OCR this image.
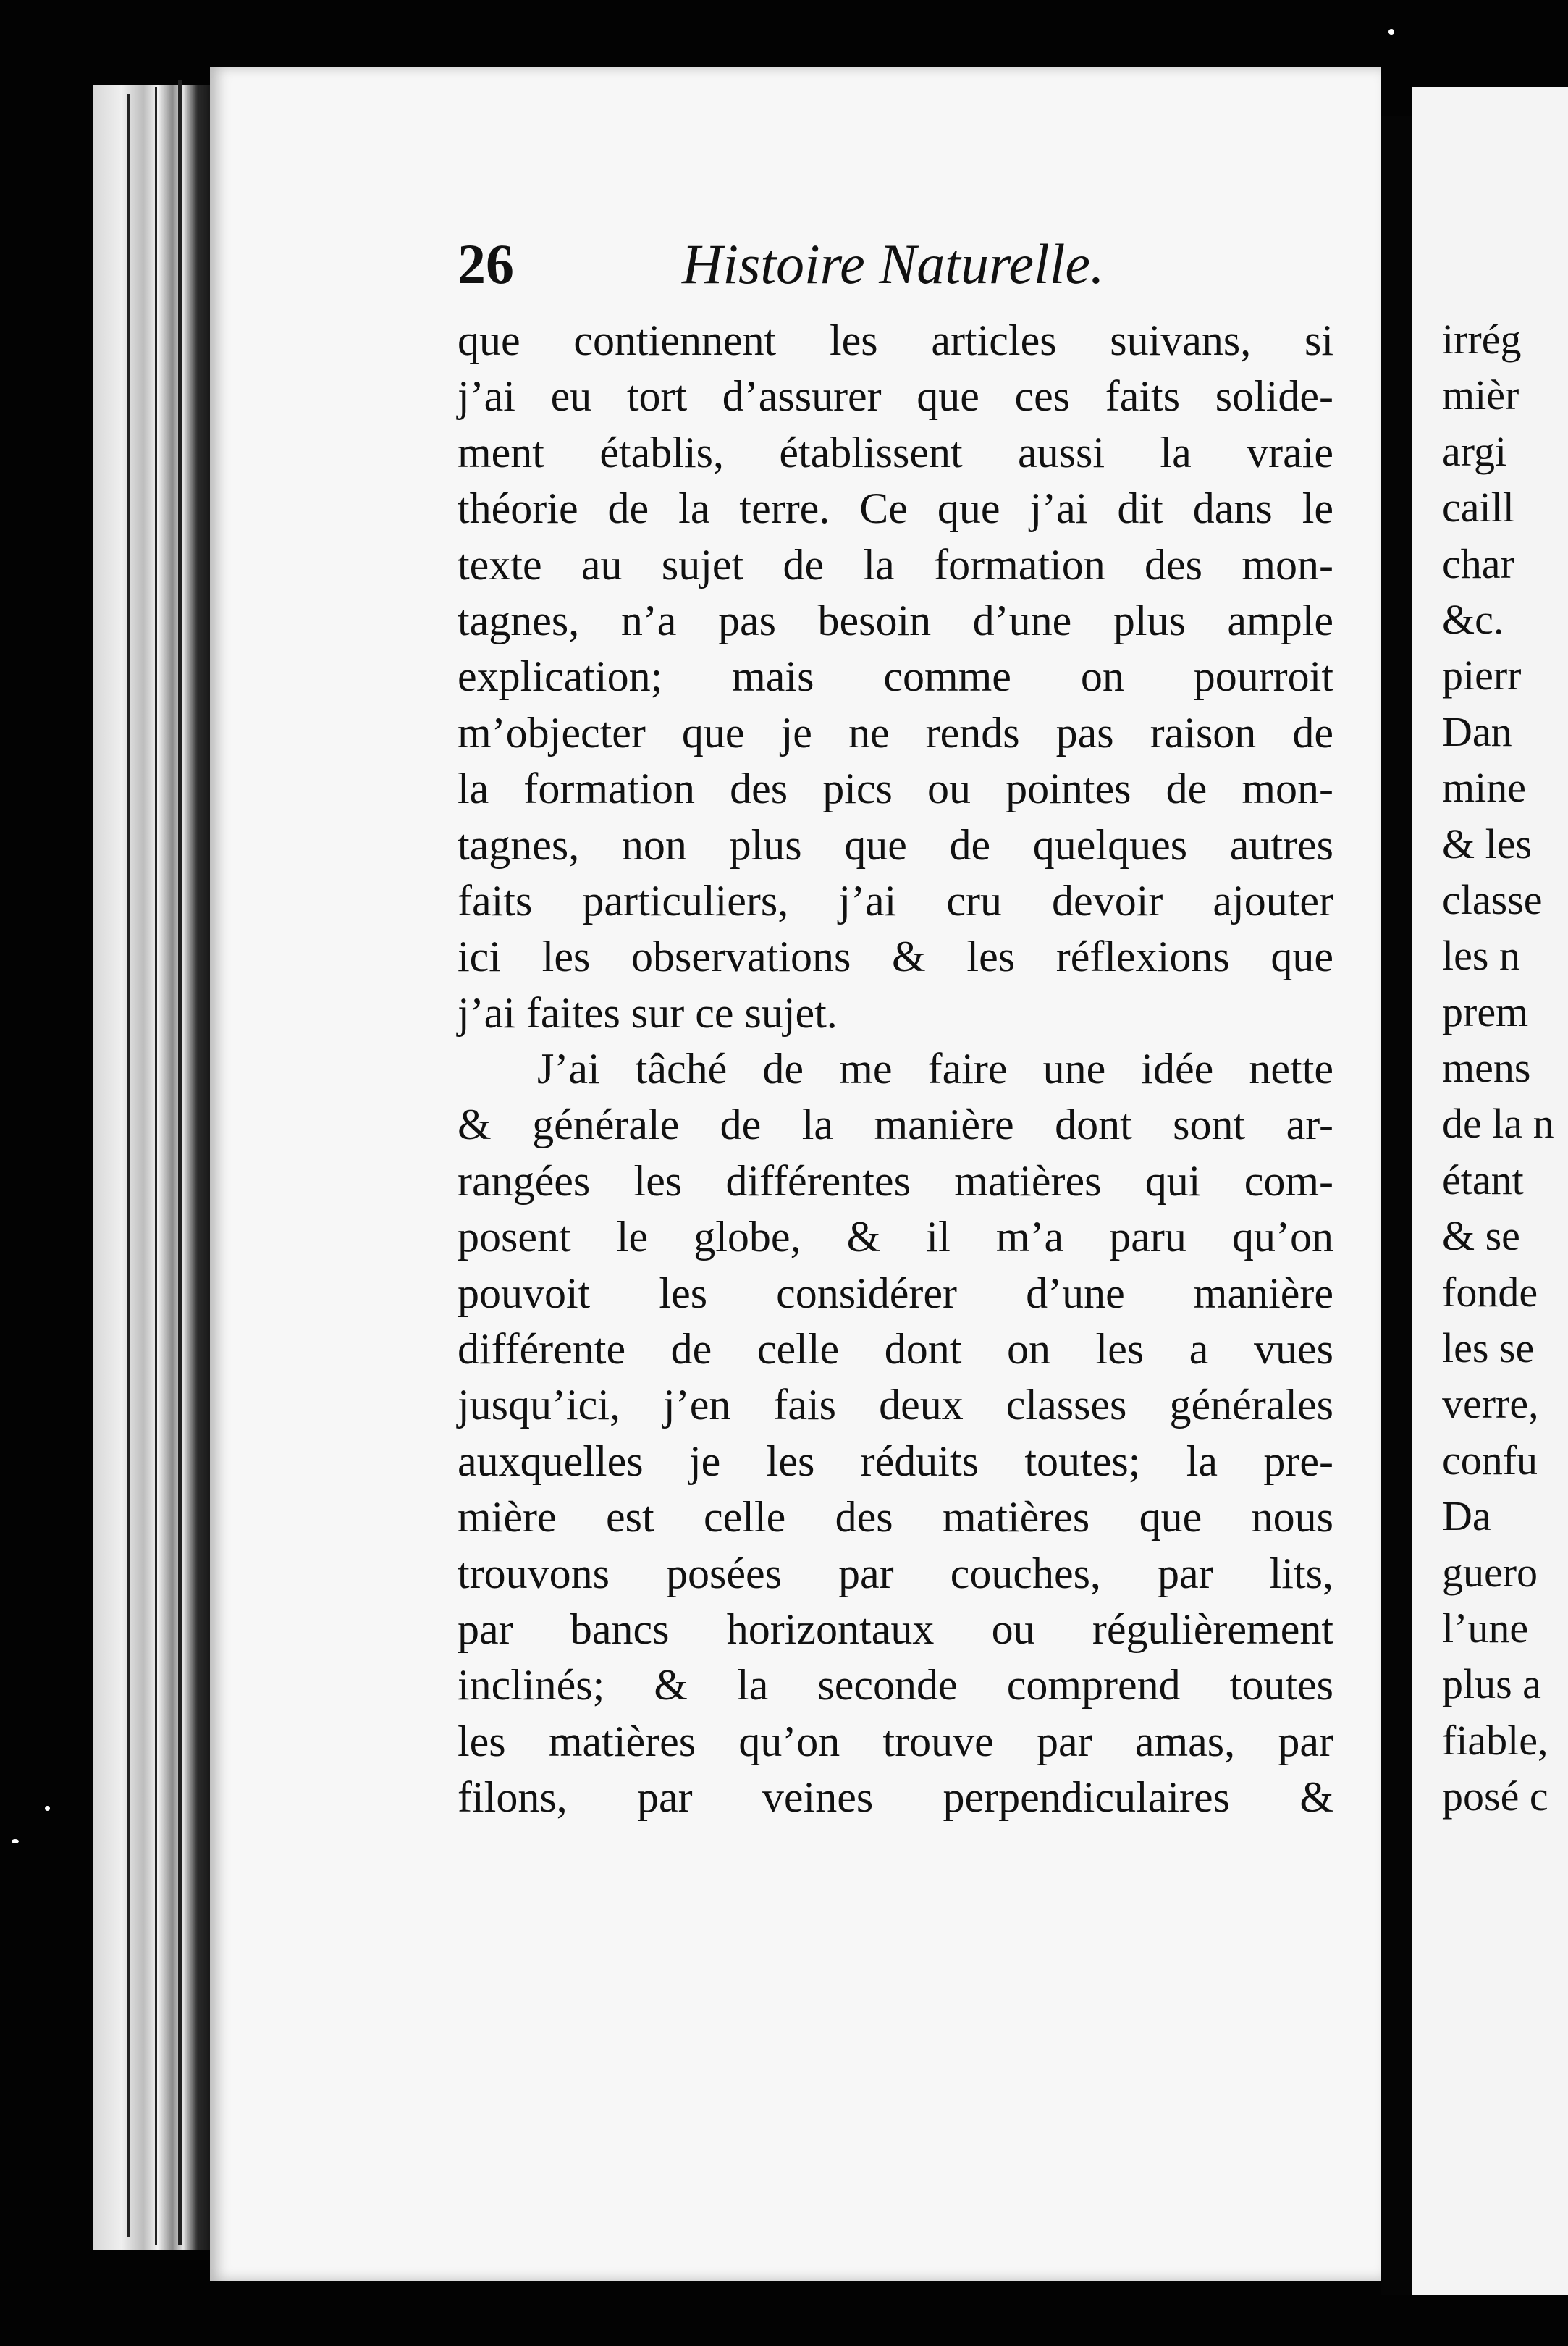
irrég
mièr
argi
caill
char
&c.
pierr
Dan
mine
& les
classe
les n
prem
mens
de la n
étant
& se
fonde
les se
verre,
confu
Da
guero
l’une
plus a
fiable,
posé c
26	Histoire Naturelle.
que contiennent les articles suivans, si
j’ai eu tort d’assurer que ces faits solide-
ment établis, établissent aussi la vraie
théorie de la terre. Ce que j’ai dit dans le
texte au sujet de la formation des mon-
tagnes, n’a pas besoin d’une plus ample
explication; mais comme on pourroit
m’objecter que je ne rends pas raison de
la formation des pics ou pointes de mon-
tagnes, non plus que de quelques autres
faits particuliers, j’ai cru devoir ajouter
ici les observations & les réflexions que
j’ai faites sur ce sujet.
J’ai tâché de me faire une idée nette
& générale de la manière dont sont ar-
rangées les différentes matières qui com-
posent le globe, & il m’a paru qu’on
pouvoit les considérer d’une manière
différente de celle dont on les a vues
jusqu’ici, j’en fais deux classes générales
auxquelles je les réduits toutes; la pre-
mière est celle des matières que nous
trouvons posées par couches, par lits,
par bancs horizontaux ou régulièrement
inclinés; & la seconde comprend toutes
les matières qu’on trouve par amas, par
filons, par veines perpendiculaires &
